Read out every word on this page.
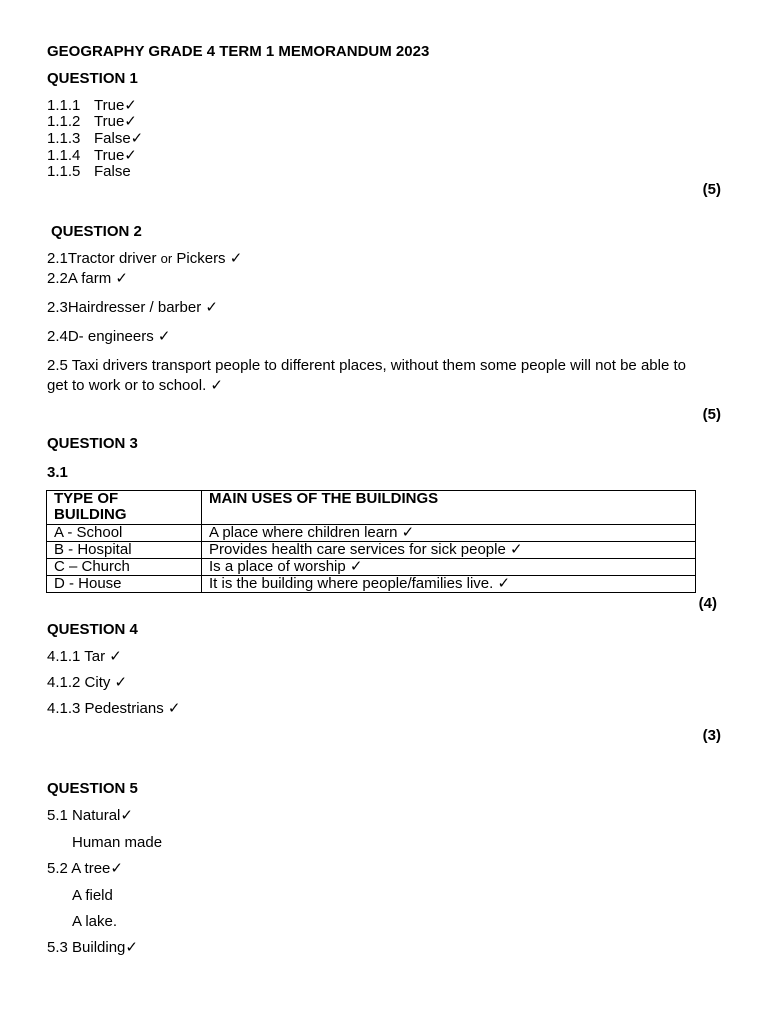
GEOGRAPHY GRADE 4 TERM 1 MEMORANDUM 2023
QUESTION 1
1.1.1 True✓
1.1.2 True✓
1.1.3 False✓
1.1.4 True✓
1.1.5 False
(5)
QUESTION 2
2.1Tractor driver or Pickers ✓
2.2A farm ✓
2.3Hairdresser / barber ✓
2.4D- engineers ✓
2.5 Taxi drivers transport people to different places, without them some people will not be able to
get to work or to school. ✓
(5)
QUESTION 3
3.1
TYPE OF BUILDING	MAIN USES OF THE BUILDINGS
A - School	A place where children learn ✓
B - Hospital	Provides health care services for sick people ✓
C – Church	Is a place of worship ✓
D - House	It is the building where people/families live. ✓
(4)
QUESTION 4
4.1.1 Tar ✓
4.1.2 City ✓
4.1.3 Pedestrians ✓
(3)
QUESTION 5
5.1 Natural✓
Human made
5.2 A tree✓
A field
A lake.
5.3 Building✓
